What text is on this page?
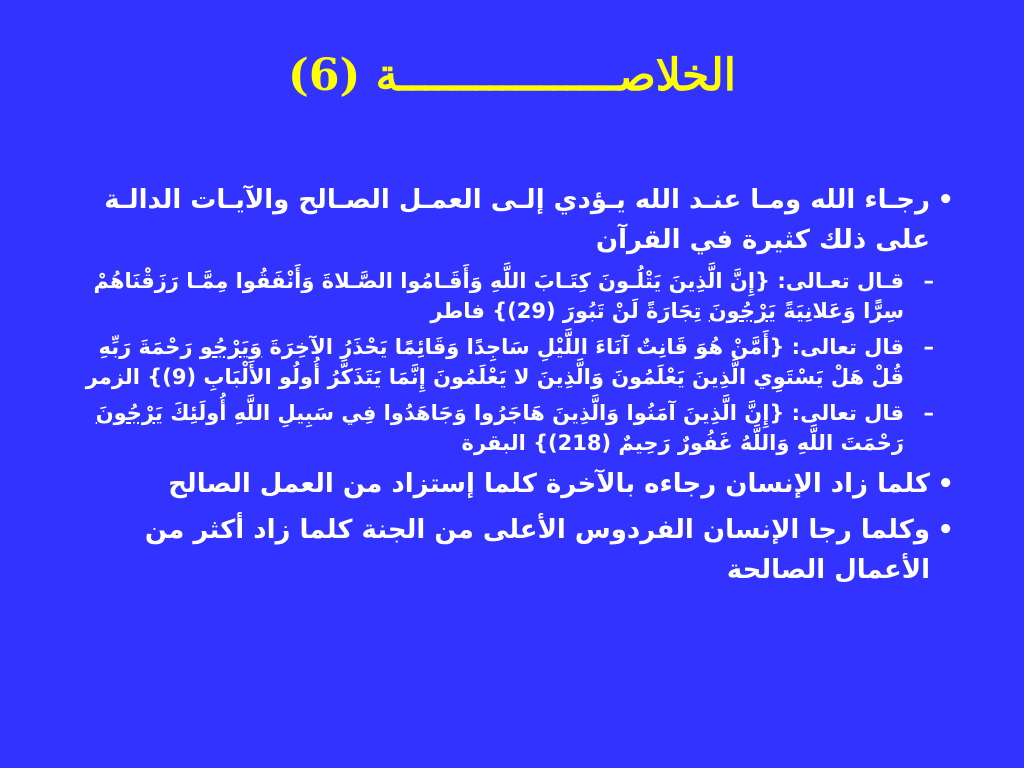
الخلاصـــــــــــــــــة (6)
•
رجـاء الله ومـا عنـد الله يـؤدي إلـى العمـل الصـالح والآيـات الدالـة على ذلك كثيرة في القرآن
–
قـال تعـالى: {إِنَّ الَّذِينَ يَتْلُـونَ كِتَـابَ اللَّهِ وَأَقَـامُوا الصَّـلاةَ وَأَنْفَقُوا مِمَّـا رَزَقْنَاهُمْ سِرًّا وَعَلانِيَةً يَرْجُونَ تِجَارَةً لَنْ تَبُورَ (29)} فاطر
–
قال تعالى: {أَمَّنْ هُوَ قَانِتٌ آنَاءَ اللَّيْلِ سَاجِدًا وَقَائِمًا يَحْذَرُ الآخِرَةَ وَيَرْجُو رَحْمَةَ رَبِّهِ قُلْ هَلْ يَسْتَوِي الَّذِينَ يَعْلَمُونَ وَالَّذِينَ لا يَعْلَمُونَ إِنَّمَا يَتَذَكَّرُ أُولُو الأَلْبَابِ (9)} الزمر
–
قال تعالى: {إِنَّ الَّذِينَ آمَنُوا وَالَّذِينَ هَاجَرُوا وَجَاهَدُوا فِي سَبِيلِ اللَّهِ أُولَئِكَ يَرْجُونَ رَحْمَتَ اللَّهِ وَاللَّهُ غَفُورٌ رَحِيمٌ (218)} البقرة
•
كلما زاد الإنسان رجاءه بالآخرة كلما إستزاد من العمل الصالح
•
وكلما رجا الإنسان الفردوس الأعلى من الجنة كلما زاد أكثر من الأعمال الصالحة
